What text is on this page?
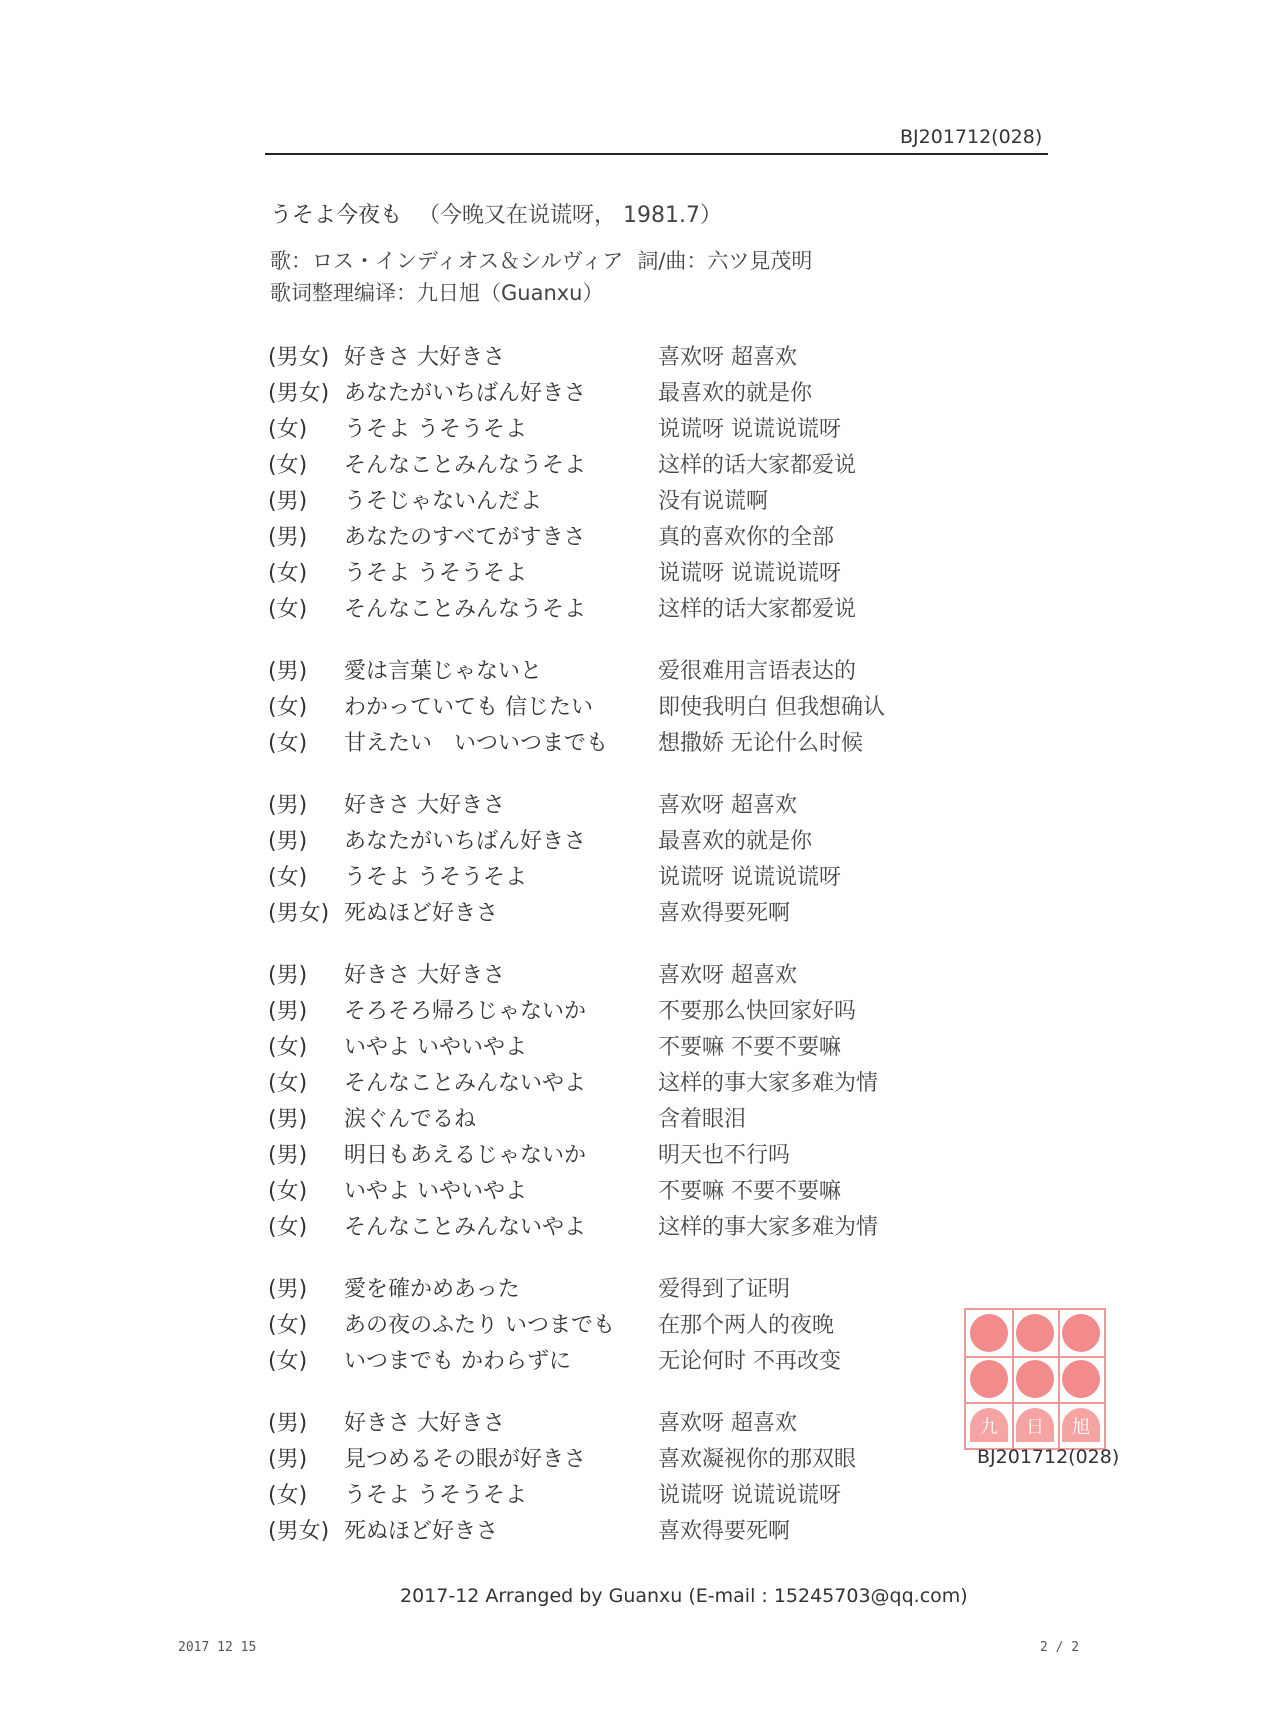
BJ201712(028)
うそよ今夜も （今晚又在说谎呀， 1981.7）
歌：ロス・インディオス＆シルヴィア 詞/曲：六ツ見茂明
歌词整理编译：九日旭（Guanxu）
(男女) 好きさ 大好きさ	喜欢呀 超喜欢
(男女) あなたがいちばん好きさ	最喜欢的就是你
(女)	うそよ うそうそよ	说谎呀 说谎说谎呀
(女)	そんなことみんなうそよ	这样的话大家都爱说
(男)	うそじゃないんだよ	没有说谎啊
(男)	あなたのすべてがすきさ	真的喜欢你的全部
(女)	うそよ うそうそよ	说谎呀 说谎说谎呀
(女)	そんなことみんなうそよ	这样的话大家都爱说
(男)	愛は言葉じゃないと	爱很难用言语表达的
(女)	わかっていても 信じたい	即使我明白 但我想确认
(女)	甘えたい　いついつまでも	想撒娇 无论什么时候
(男)	好きさ 大好きさ	喜欢呀 超喜欢
(男)	あなたがいちばん好きさ	最喜欢的就是你
(女)	うそよ うそうそよ	说谎呀 说谎说谎呀
(男女) 死ぬほど好きさ	喜欢得要死啊
(男)	好きさ 大好きさ	喜欢呀 超喜欢
(男)	そろそろ帰ろじゃないか	不要那么快回家好吗
(女)	いやよ いやいやよ	不要嘛 不要不要嘛
(女)	そんなことみんないやよ	这样的事大家多难为情
(男)	涙ぐんでるね	含着眼泪
(男)	明日もあえるじゃないか	明天也不行吗
(女)	いやよ いやいやよ	不要嘛 不要不要嘛
(女)	そんなことみんないやよ	这样的事大家多难为情
(男)	愛を確かめあった	爱得到了证明
(女)	あの夜のふたり いつまでも	在那个两人的夜晚
(女)	いつまでも かわらずに	无论何时 不再改变
(男)	好きさ 大好きさ	喜欢呀 超喜欢
(男)	見つめるその眼が好きさ	喜欢凝视你的那双眼
(女)	うそよ うそうそよ	说谎呀 说谎说谎呀
(男女) 死ぬほど好きさ	喜欢得要死啊
九	日	旭
BJ201712(028)
2017-12 Arranged by Guanxu (E-mail : 15245703@qq.com)
2017 12 15	2 / 2
